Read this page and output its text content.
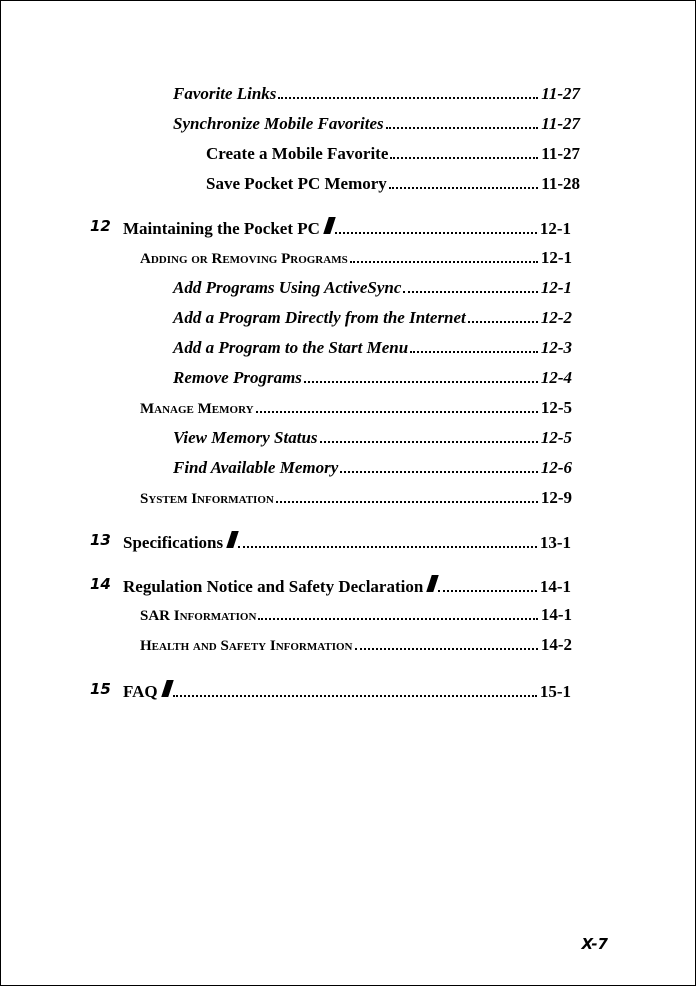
Favorite Links	11-27
Synchronize Mobile Favorites	11-27
Create a Mobile Favorite	11-27
Save Pocket PC Memory	11-28
12 Maintaining the Pocket PC	12-1
Adding or Removing Programs	12-1
Add Programs Using ActiveSync	12-1
Add a Program Directly from the Internet	12-2
Add a Program to the Start Menu	12-3
Remove Programs	12-4
Manage Memory	12-5
View Memory Status	12-5
Find Available Memory	12-6
System Information	12-9
13 Specifications	13-1
14 Regulation Notice and Safety Declaration	14-1
SAR Information	14-1
Health and Safety Information	14-2
15 FAQ	15-1
X-7
